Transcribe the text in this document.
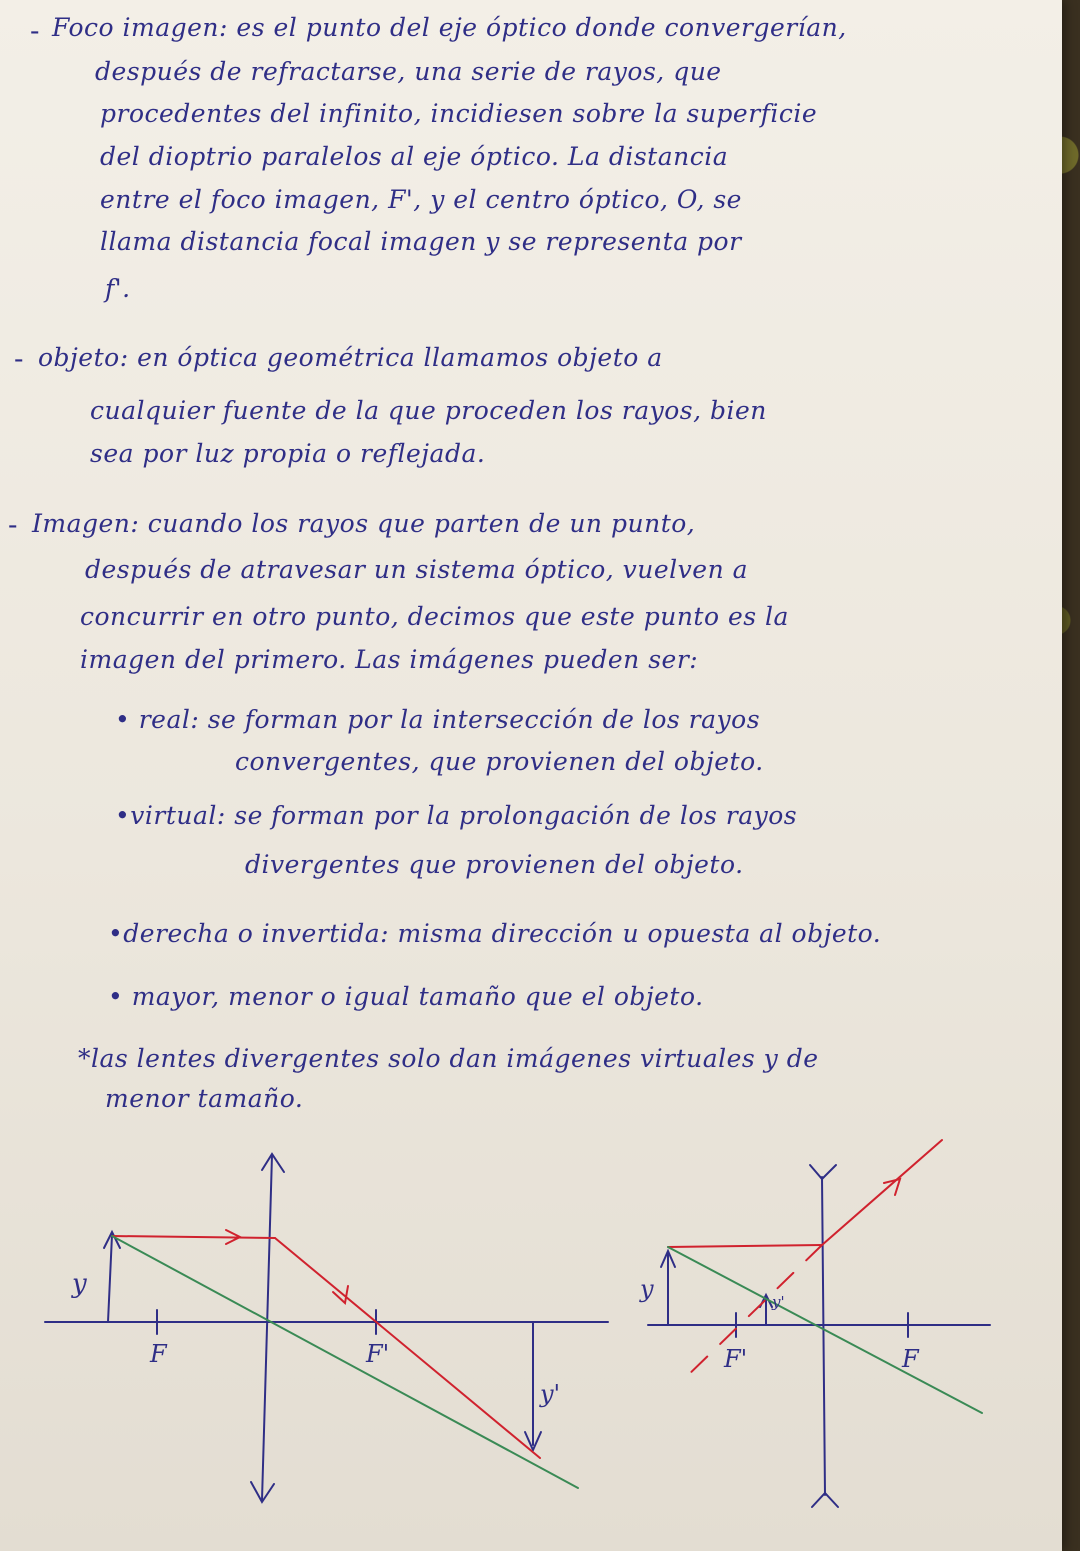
- Foco imagen: es el punto del eje óptico donde convergerían,
después de refractarse, una serie de rayos, que
procedentes del infinito, incidiesen sobre la superficie
del dioptrio paralelos al eje óptico. La distancia
entre el foco imagen, F', y el centro óptico, O, se
llama distancia focal imagen y se representa por
f'.
- objeto: en óptica geométrica llamamos objeto a
cualquier fuente de la que proceden los rayos, bien
sea por luz propia o reflejada.
- Imagen: cuando los rayos que parten de un punto,
después de atravesar un sistema óptico, vuelven a
concurrir en otro punto, decimos que este punto es la
imagen del primero. Las imágenes pueden ser:
• real: se forman por la intersección de los rayos
convergentes, que provienen del objeto.
•virtual: se forman por la prolongación de los rayos
divergentes que provienen del objeto.
•derecha o invertida: misma dirección u opuesta al objeto.
• mayor, menor o igual tamaño que el objeto.
*las lentes divergentes solo dan imágenes virtuales y de
menor tamaño.
y
F	F'
y'
y
F'	F
y'
